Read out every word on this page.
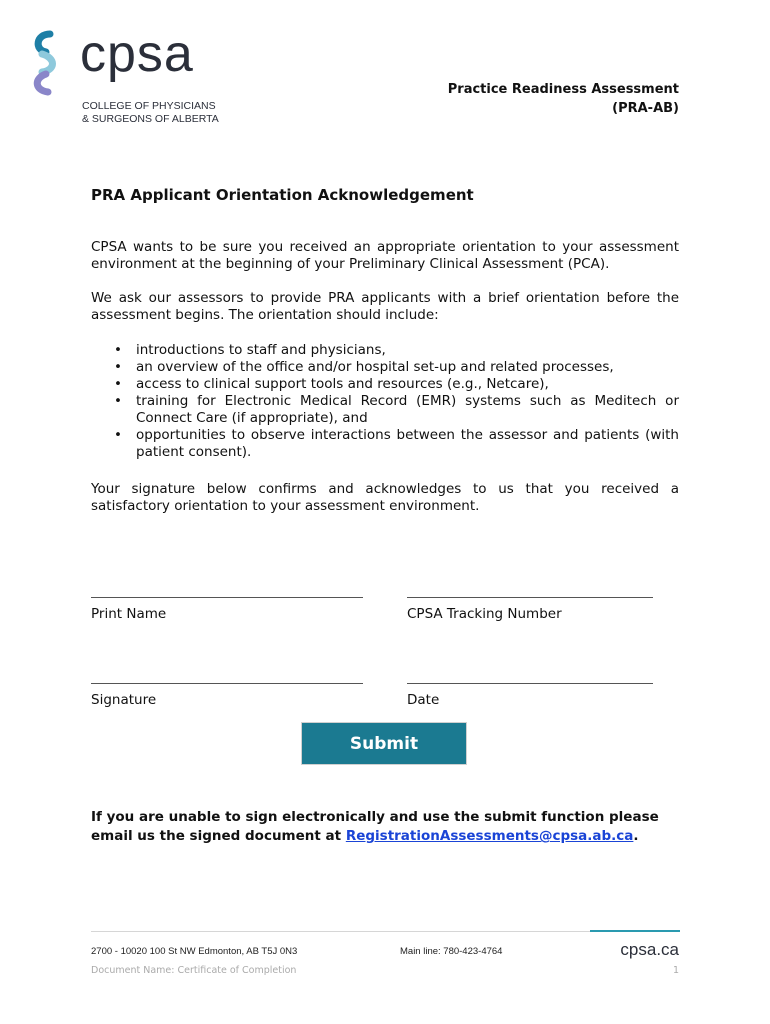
cpsa
COLLEGE OF PHYSICIANS
& SURGEONS OF ALBERTA
Practice Readiness Assessment
(PRA-AB)
PRA Applicant Orientation Acknowledgement
CPSA wants to be sure you received an appropriate orientation to your assessment environment at the beginning of your Preliminary Clinical Assessment (PCA).
We ask our assessors to provide PRA applicants with a brief orientation before the assessment begins. The orientation should include:
• introductions to staff and physicians,
• an overview of the office and/or hospital set-up and related processes,
• access to clinical support tools and resources (e.g., Netcare),
• training for Electronic Medical Record (EMR) systems such as Meditech or Connect Care (if appropriate), and
• opportunities to observe interactions between the assessor and patients (with patient consent).
Your signature below confirms and acknowledges to us that you received a satisfactory orientation to your assessment environment.
Print Name	CPSA Tracking Number
Signature	Date
Submit
If you are unable to sign electronically and use the submit function please email us the signed document at RegistrationAssessments@cpsa.ab.ca.
2700 - 10020 100 St NW Edmonton, AB T5J 0N3	Main line: 780-423-4764	cpsa.ca
Document Name: Certificate of Completion	1
